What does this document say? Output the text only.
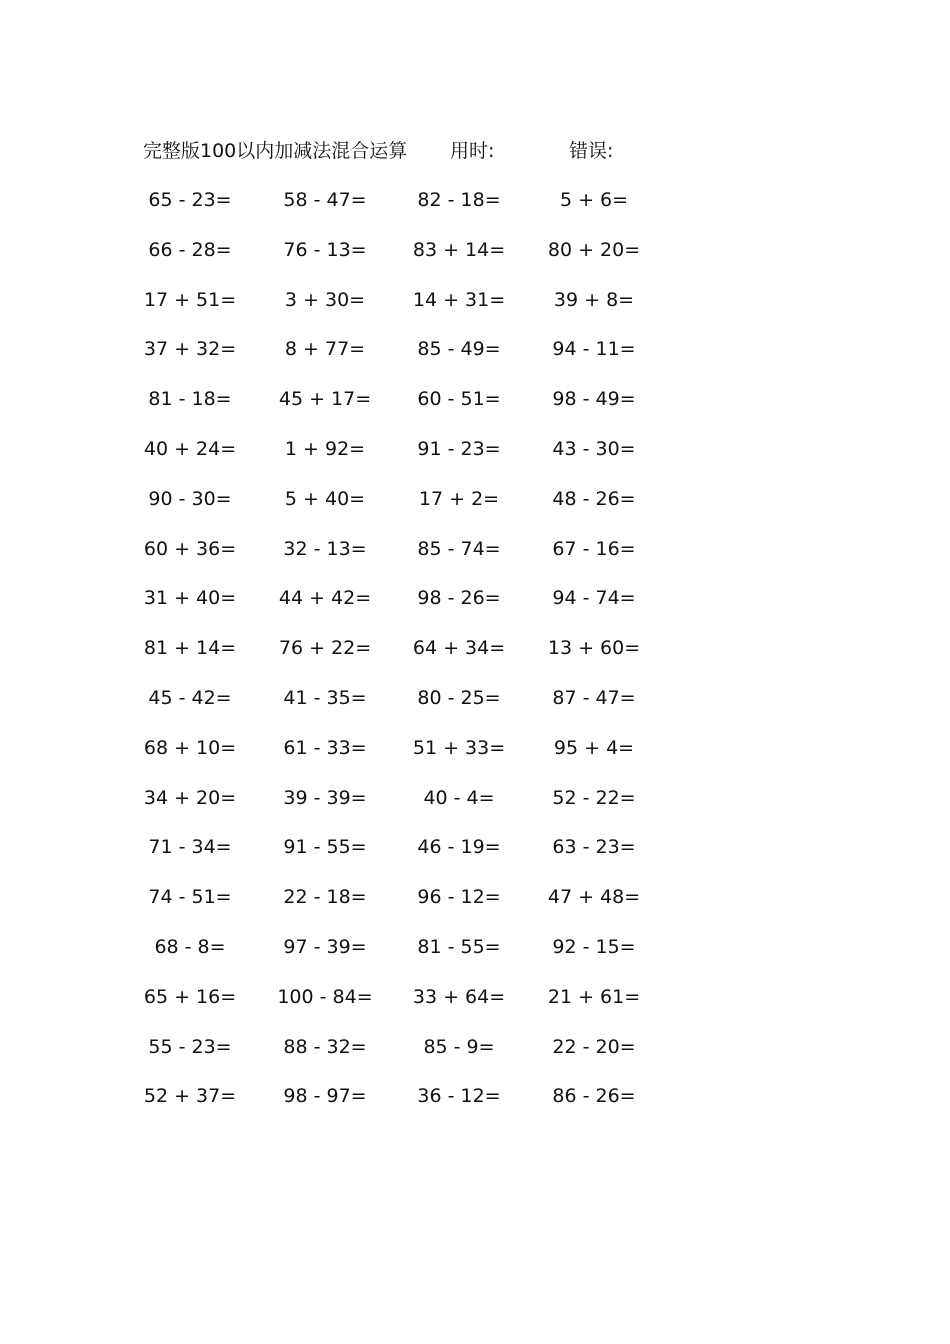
完整版100以内加减法混合运算 用时:	错误:
65 - 23=	58 - 47=	82 - 18=	5 + 6=
66 - 28=	76 - 13=	83 + 14=	80 + 20=
17 + 51=	3 + 30=	14 + 31=	39 + 8=
37 + 32=	8 + 77=	85 - 49=	94 - 11=
81 - 18=	45 + 17=	60 - 51=	98 - 49=
40 + 24=	1 + 92=	91 - 23=	43 - 30=
90 - 30=	5 + 40=	17 + 2=	48 - 26=
60 + 36=	32 - 13=	85 - 74=	67 - 16=
31 + 40=	44 + 42=	98 - 26=	94 - 74=
81 + 14=	76 + 22=	64 + 34=	13 + 60=
45 - 42=	41 - 35=	80 - 25=	87 - 47=
68 + 10=	61 - 33=	51 + 33=	95 + 4=
34 + 20=	39 - 39=	40 - 4=	52 - 22=
71 - 34=	91 - 55=	46 - 19=	63 - 23=
74 - 51=	22 - 18=	96 - 12=	47 + 48=
68 - 8=	97 - 39=	81 - 55=	92 - 15=
65 + 16=	100 - 84=	33 + 64=	21 + 61=
55 - 23=	88 - 32=	85 - 9=	22 - 20=
52 + 37=	98 - 97=	36 - 12=	86 - 26=
